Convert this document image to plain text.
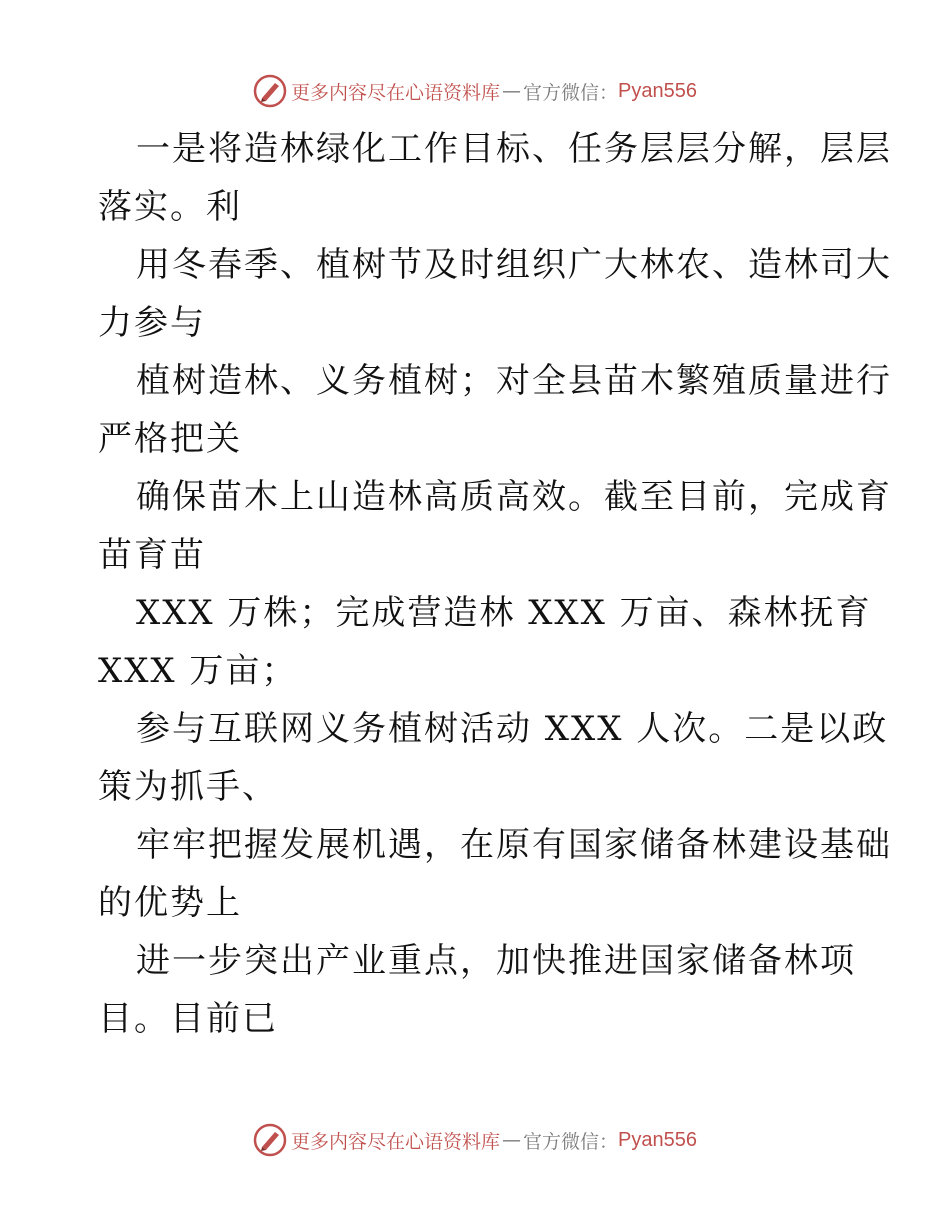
更多内容尽在心语资料库 — 官方微信： Pyan556
一是将造林绿化工作目标、任务层层分解，层层
落实。利
用冬春季、植树节及时组织广大林农、造林司大
力参与
植树造林、义务植树；对全县苗木繁殖质量进行
严格把关
确保苗木上山造林高质高效。截至目前，完成育
苗育苗
XXX 万株；完成营造林 XXX 万亩、森林抚育
XXX 万亩；
参与互联网义务植树活动 XXX 人次。二是以政
策为抓手、
牢牢把握发展机遇，在原有国家储备林建设基础
的优势上
进一步突出产业重点，加快推进国家储备林项
目。目前已
更多内容尽在心语资料库 — 官方微信： Pyan556
